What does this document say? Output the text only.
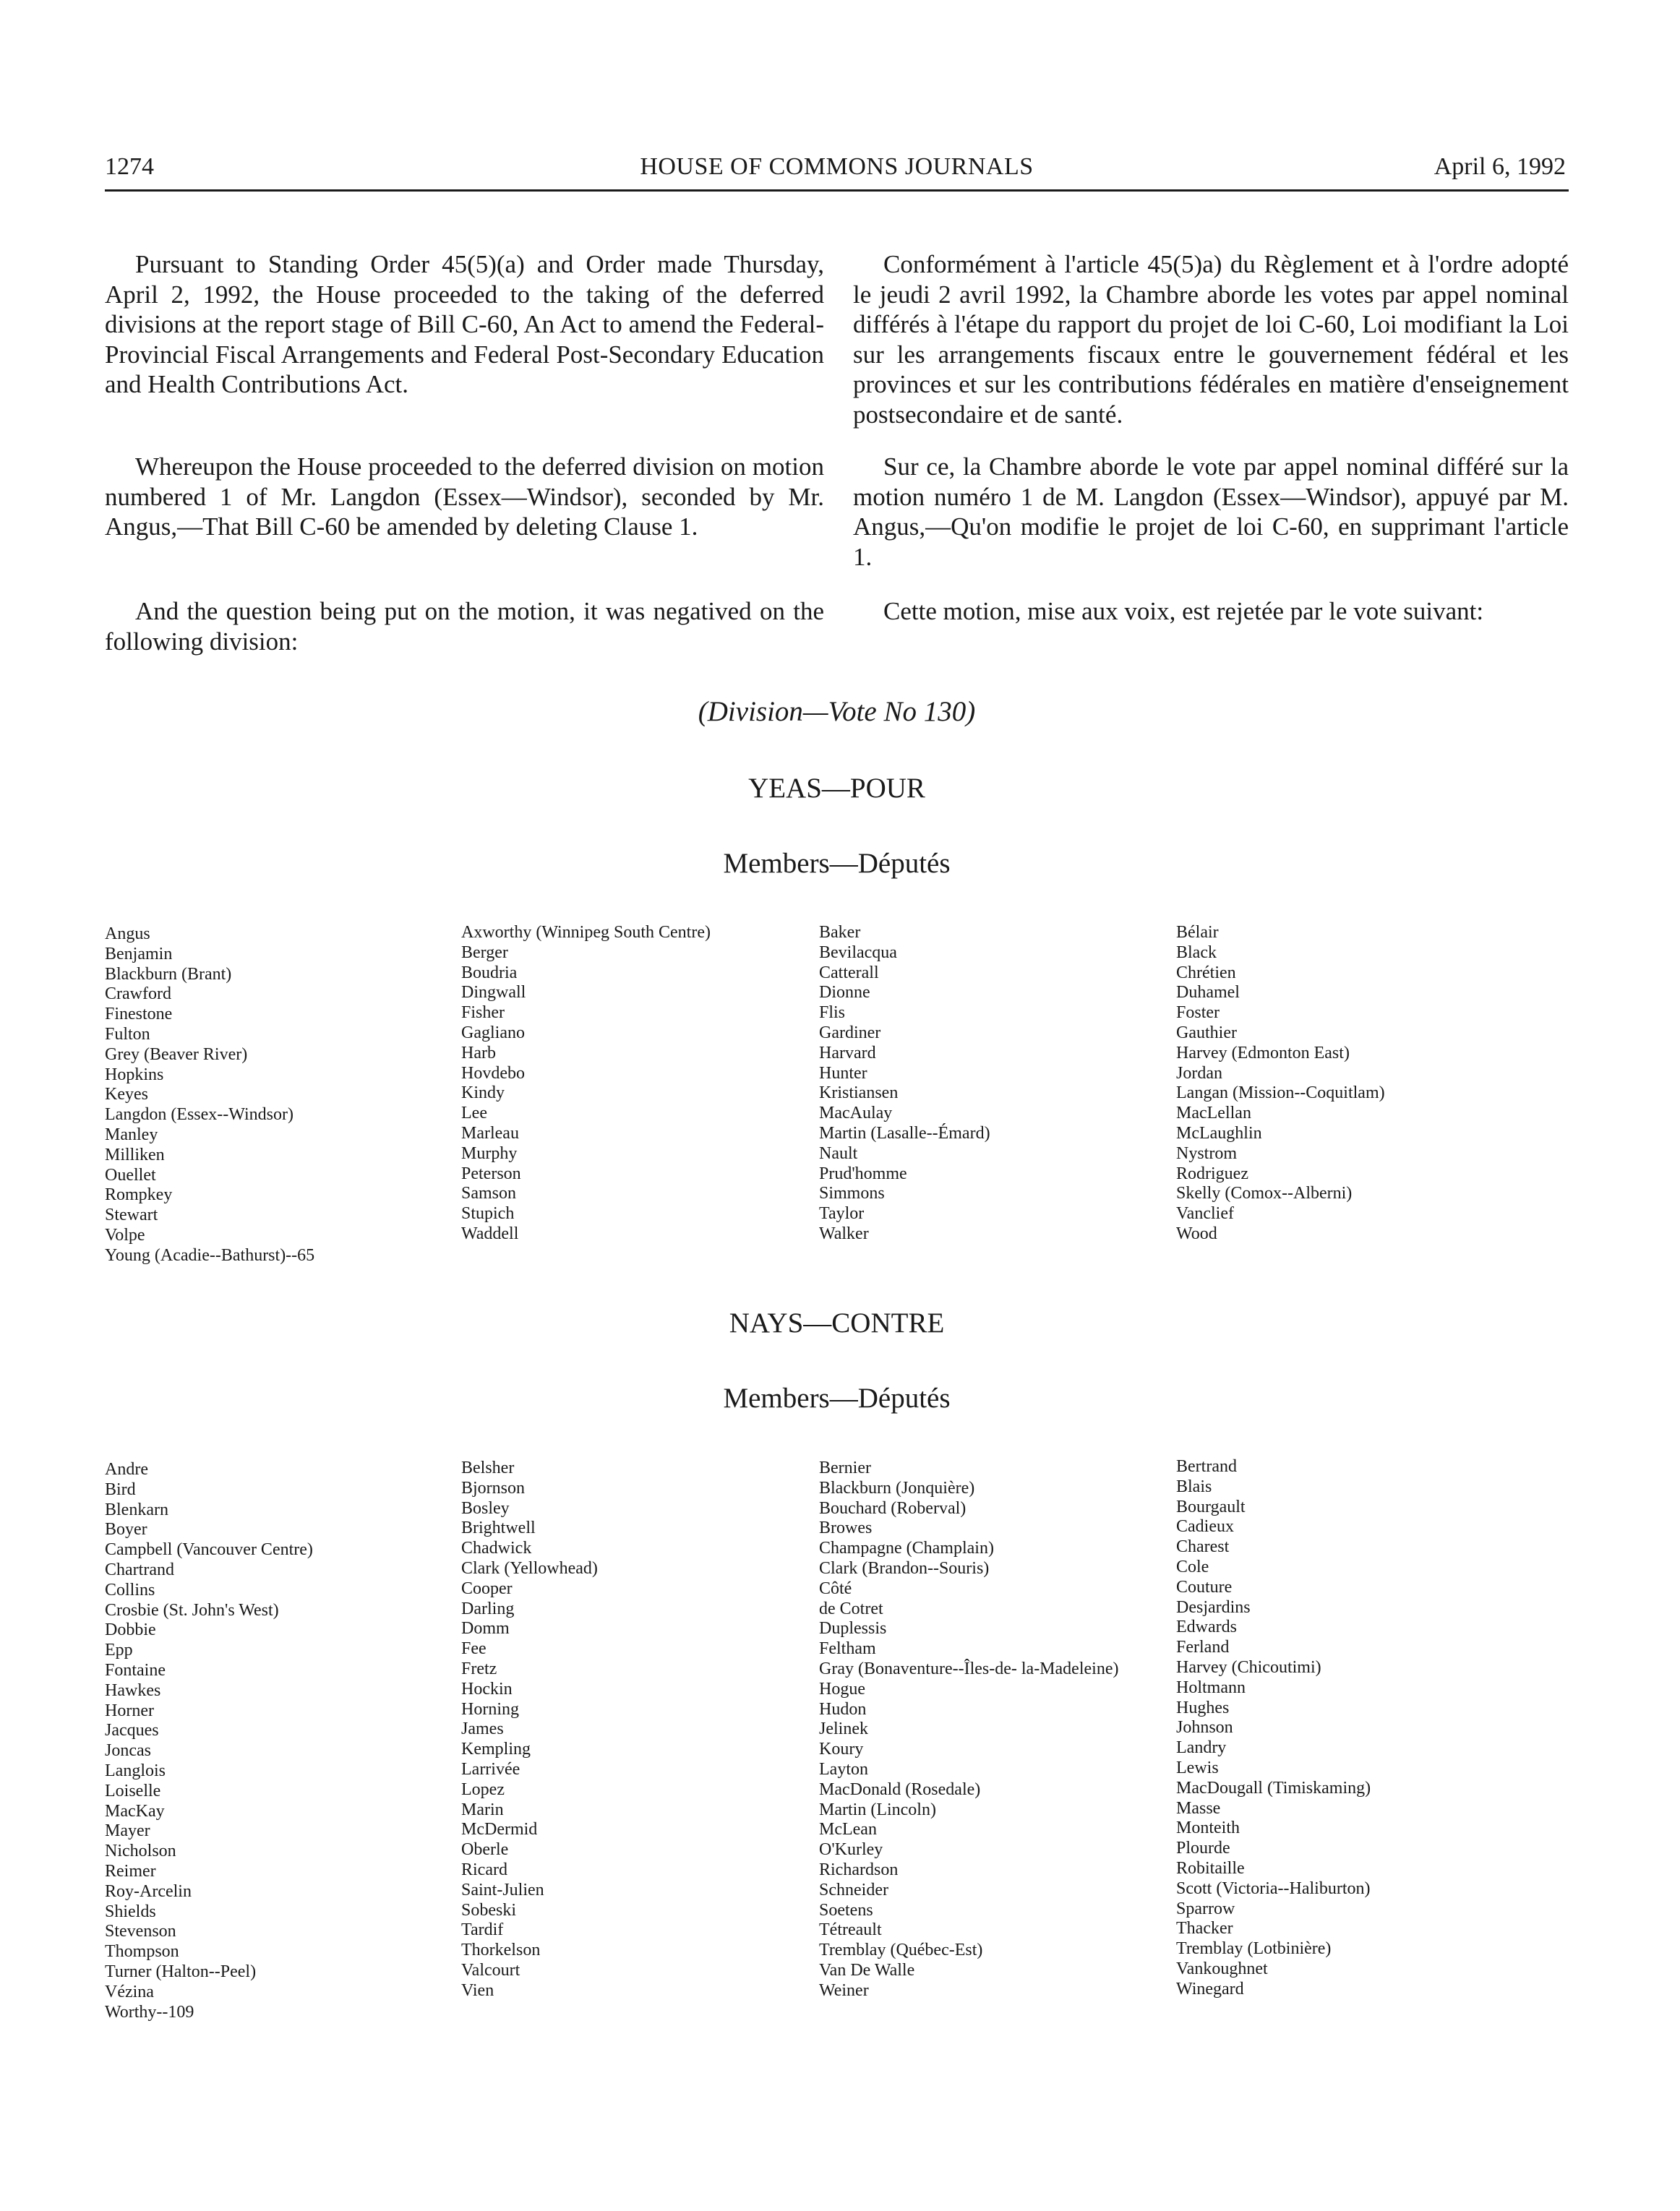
1274	HOUSE OF COMMONS JOURNALS	April 6, 1992

Pursuant to Standing Order 45(5)(a) and Order made Thursday, April 2, 1992, the House proceeded to the taking of the deferred divisions at the report stage of Bill C-60, An Act to amend the Federal-Provincial Fiscal Arrangements and Federal Post-Secondary Education and Health Contributions Act.

Conformément à l'article 45(5)a) du Règlement et à l'ordre adopté le jeudi 2 avril 1992, la Chambre aborde les votes par appel nominal différés à l'étape du rapport du projet de loi C-60, Loi modifiant la Loi sur les arrangements fiscaux entre le gouvernement fédéral et les provinces et sur les contributions fédérales en matière d'enseignement postsecondaire et de santé.

Whereupon the House proceeded to the deferred division on motion numbered 1 of Mr. Langdon (Essex—Windsor), seconded by Mr. Angus,—That Bill C-60 be amended by deleting Clause 1.

Sur ce, la Chambre aborde le vote par appel nominal différé sur la motion numéro 1 de M. Langdon (Essex—Windsor), appuyé par M. Angus,—Qu'on modifie le projet de loi C-60, en supprimant l'article 1.

And the question being put on the motion, it was negatived on the following division:

Cette motion, mise aux voix, est rejetée par le vote suivant:

(Division—Vote No 130)
YEAS—POUR
Members—Députés
Angus
Benjamin
Blackburn (Brant)
Crawford
Finestone
Fulton
Grey (Beaver River)
Hopkins
Keyes
Langdon (Essex--Windsor)
Manley
Milliken
Ouellet
Rompkey
Stewart
Volpe
Young (Acadie--Bathurst)--65
Axworthy (Winnipeg South Centre)
Berger
Boudria
Dingwall
Fisher
Gagliano
Harb
Hovdebo
Kindy
Lee
Marleau
Murphy
Peterson
Samson
Stupich
Waddell
Baker
Bevilacqua
Catterall
Dionne
Flis
Gardiner
Harvard
Hunter
Kristiansen
MacAulay
Martin (Lasalle--Émard)
Nault
Prud'homme
Simmons
Taylor
Walker
Bélair
Black
Chrétien
Duhamel
Foster
Gauthier
Harvey (Edmonton East)
Jordan
Langan (Mission--Coquitlam)
MacLellan
McLaughlin
Nystrom
Rodriguez
Skelly (Comox--Alberni)
Vanclief
Wood
NAYS—CONTRE
Members—Députés
Andre
Bird
Blenkarn
Boyer
Campbell (Vancouver Centre)
Chartrand
Collins
Crosbie (St. John's West)
Dobbie
Epp
Fontaine
Hawkes
Horner
Jacques
Joncas
Langlois
Loiselle
MacKay
Mayer
Nicholson
Reimer
Roy-Arcelin
Shields
Stevenson
Thompson
Turner (Halton--Peel)
Vézina
Worthy--109
Belsher
Bjornson
Bosley
Brightwell
Chadwick
Clark (Yellowhead)
Cooper
Darling
Domm
Fee
Fretz
Hockin
Horning
James
Kempling
Larrivée
Lopez
Marin
McDermid
Oberle
Ricard
Saint-Julien
Sobeski
Tardif
Thorkelson
Valcourt
Vien
Bernier
Blackburn (Jonquière)
Bouchard (Roberval)
Browes
Champagne (Champlain)
Clark (Brandon--Souris)
Côté
de Cotret
Duplessis
Feltham
Gray (Bonaventure--Îles-de- la-Madeleine)
Hogue
Hudon
Jelinek
Koury
Layton
MacDonald (Rosedale)
Martin (Lincoln)
McLean
O'Kurley
Richardson
Schneider
Soetens
Tétreault
Tremblay (Québec-Est)
Van De Walle
Weiner
Bertrand
Blais
Bourgault
Cadieux
Charest
Cole
Couture
Desjardins
Edwards
Ferland
Harvey (Chicoutimi)
Holtmann
Hughes
Johnson
Landry
Lewis
MacDougall (Timiskaming)
Masse
Monteith
Plourde
Robitaille
Scott (Victoria--Haliburton)
Sparrow
Thacker
Tremblay (Lotbinière)
Vankoughnet
Winegard
